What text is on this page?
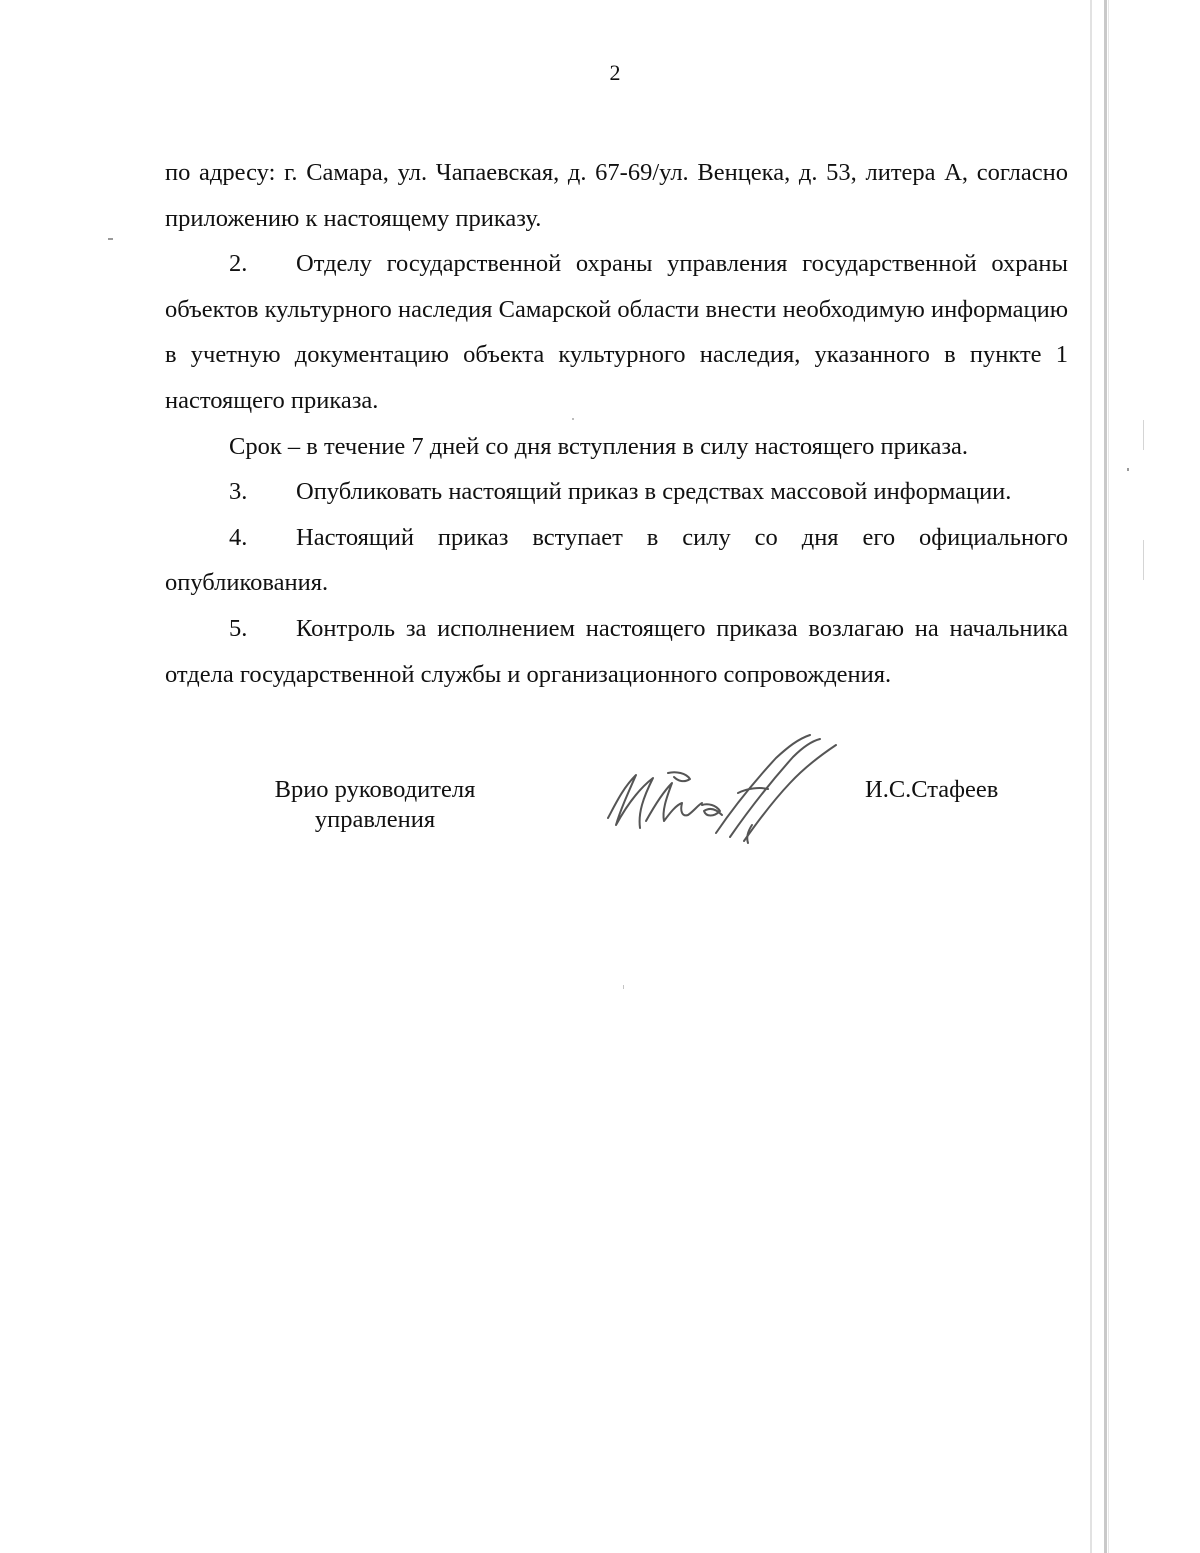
2

по адресу: г. Самара, ул. Чапаевская, д. 67-69/ул. Венцека, д. 53, литера А, согласно приложению к настоящему приказу.

2. Отделу государственной охраны управления государственной охраны объектов культурного наследия Самарской области внести необходимую информацию в учетную документацию объекта культурного наследия, указанного в пункте 1 настоящего приказа.

Срок – в течение 7 дней со дня вступления в силу настоящего приказа.

3. Опубликовать настоящий приказ в средствах массовой информации.

4. Настоящий приказ вступает в силу со дня его официального опубликования.

5. Контроль за исполнением настоящего приказа возлагаю на начальника отдела государственной службы и организационного сопровождения.

Врио руководителя
управления
И.С.Стафеев
